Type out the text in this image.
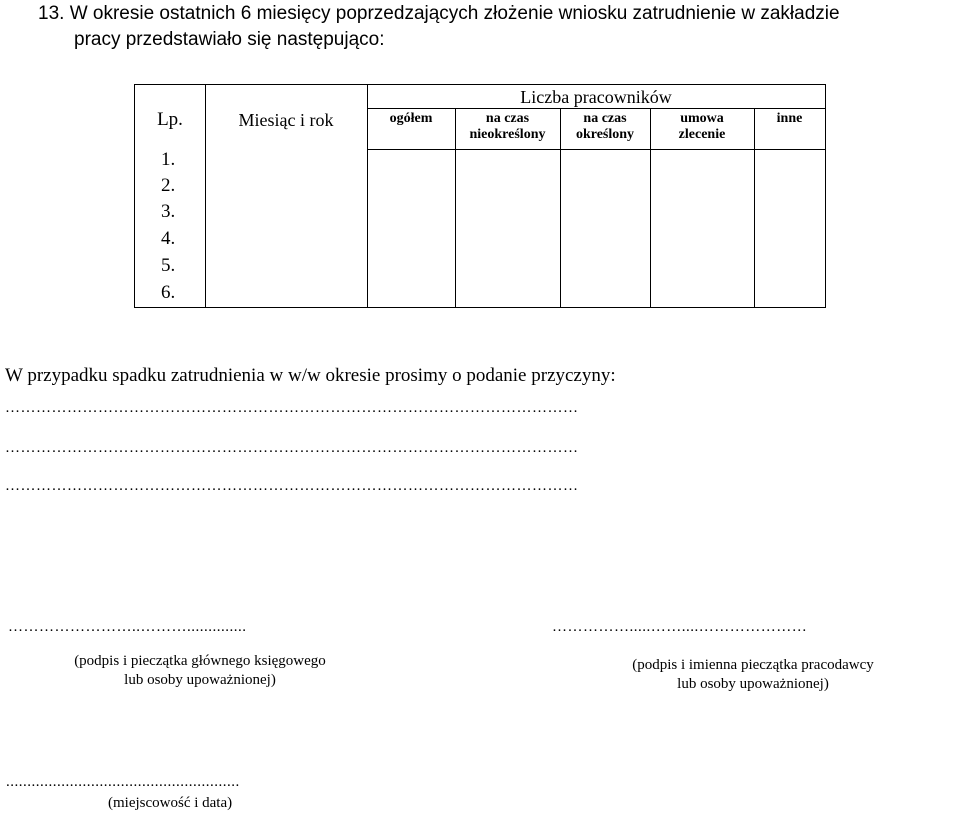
13. W okresie ostatnich 6 miesięcy poprzedzających złożenie wniosku zatrudnienie w zakładzie
pracy przedstawiało się następująco:
Lp.	Miesiąc i rok
Liczba pracowników
ogółem	na czas
nieokreślony
na czas
określony
umowa
zlecenie
inne
1.
2.
3.
4.
5.
6.
W przypadku spadku zatrudnienia w w/w okresie prosimy o podanie przyczyny:
…………………………………………………………………………………………………
…………………………………………………………………………………………………
…………………………………………………………………………………………………
……………………..………..............
(podpis i pieczątka głównego księgowego
lub osoby upoważnionej)
…………….....……....…………………
(podpis i imienna pieczątka pracodawcy
lub osoby upoważnionej)
.......................................................
(miejscowość i data)
